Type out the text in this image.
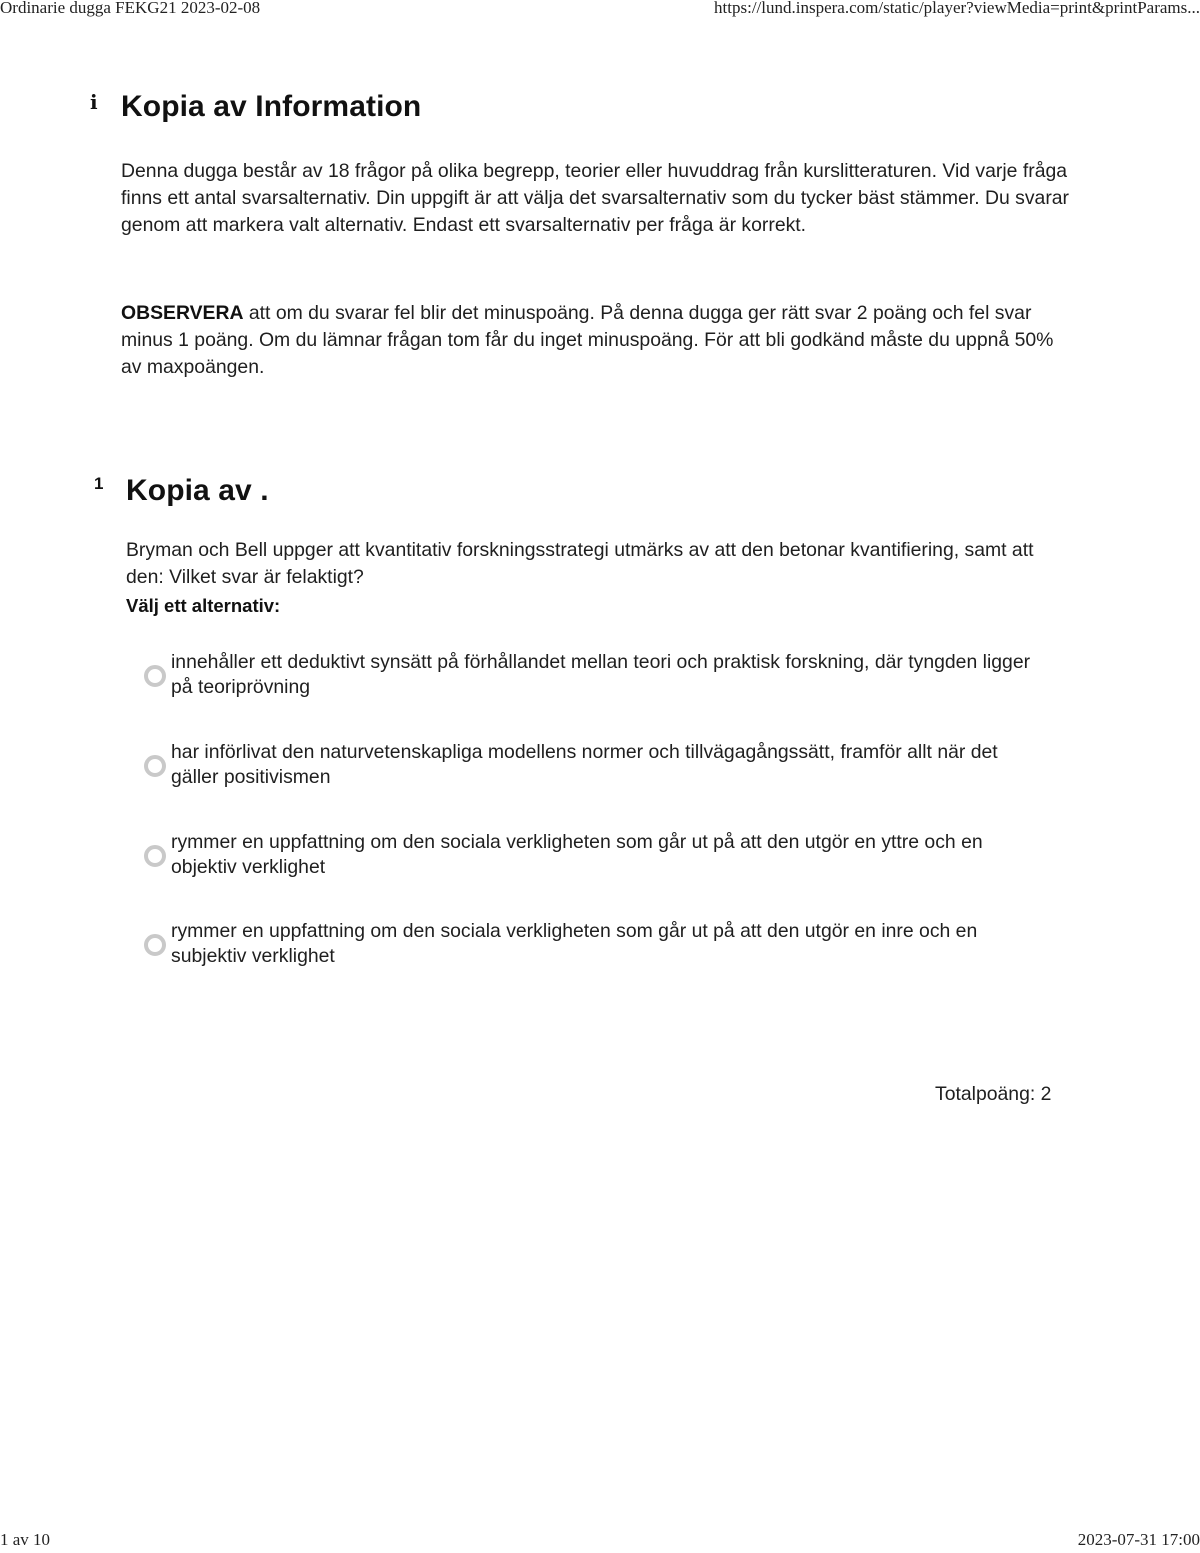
Ordinarie dugga FEKG21 2023-02-08	https://lund.inspera.com/static/player?viewMedia=print&printParams...
i Kopia av Information

Denna dugga består av 18 frågor på olika begrepp, teorier eller huvuddrag från kurslitteraturen. Vid varje fråga finns ett antal svarsalternativ. Din uppgift är att välja det svarsalternativ som du tycker bäst stämmer. Du svarar genom att markera valt alternativ. Endast ett svarsalternativ per fråga är korrekt.

OBSERVERA att om du svarar fel blir det minuspoäng. På denna dugga ger rätt svar 2 poäng och fel svar minus 1 poäng. Om du lämnar frågan tom får du inget minuspoäng. För att bli godkänd måste du uppnå 50% av maxpoängen.

1 Kopia av .

Bryman och Bell uppger att kvantitativ forskningsstrategi utmärks av att den betonar kvantifiering, samt att den: Vilket svar är felaktigt?

Välj ett alternativ:
innehåller ett deduktivt synsätt på förhållandet mellan teori och praktisk forskning, där tyngden ligger på teoriprövning
har införlivat den naturvetenskapliga modellens normer och tillvägagångssätt, framför allt när det gäller positivismen
rymmer en uppfattning om den sociala verkligheten som går ut på att den utgör en yttre och en objektiv verklighet
rymmer en uppfattning om den sociala verkligheten som går ut på att den utgör en inre och en subjektiv verklighet
Totalpoäng: 2
1 av 10	2023-07-31 17:00
